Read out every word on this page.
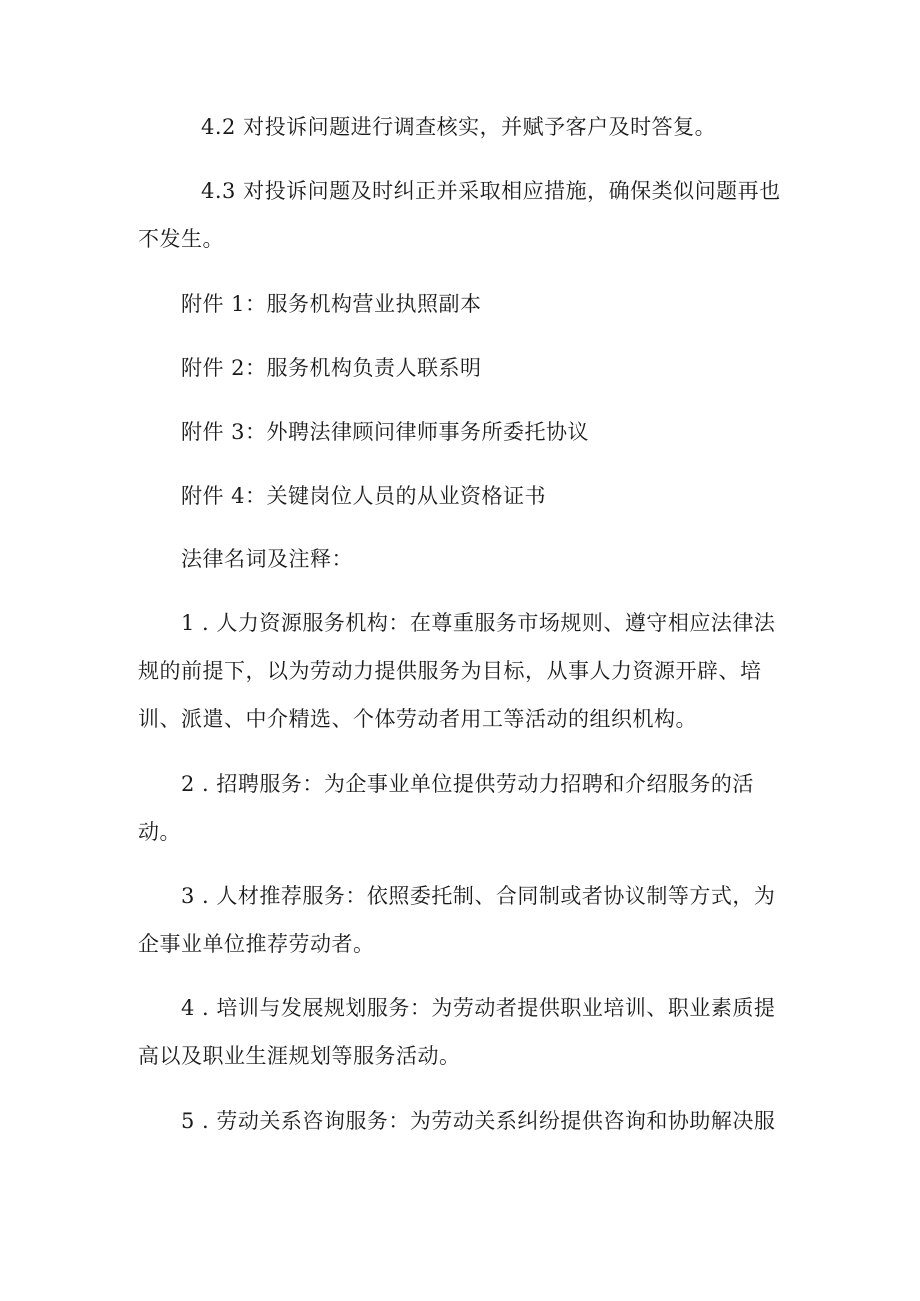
4.2 对投诉问题进行调查核实，并赋予客户及时答复。
4.3 对投诉问题及时纠正并采取相应措施，确保类似问题再也
不发生。
附件 1：服务机构营业执照副本
附件 2：服务机构负责人联系明
附件 3：外聘法律顾问律师事务所委托协议
附件 4：关键岗位人员的从业资格证书
法律名词及注释：
1 . 人力资源服务机构：在尊重服务市场规则、遵守相应法律法
规的前提下，以为劳动力提供服务为目标，从事人力资源开辟、培
训、派遣、中介精选、个体劳动者用工等活动的组织机构。
2 . 招聘服务：为企事业单位提供劳动力招聘和介绍服务的活
动。
3 . 人材推荐服务：依照委托制、合同制或者协议制等方式，为
企事业单位推荐劳动者。
4 . 培训与发展规划服务：为劳动者提供职业培训、职业素质提
高以及职业生涯规划等服务活动。
5 . 劳动关系咨询服务：为劳动关系纠纷提供咨询和协助解决服
